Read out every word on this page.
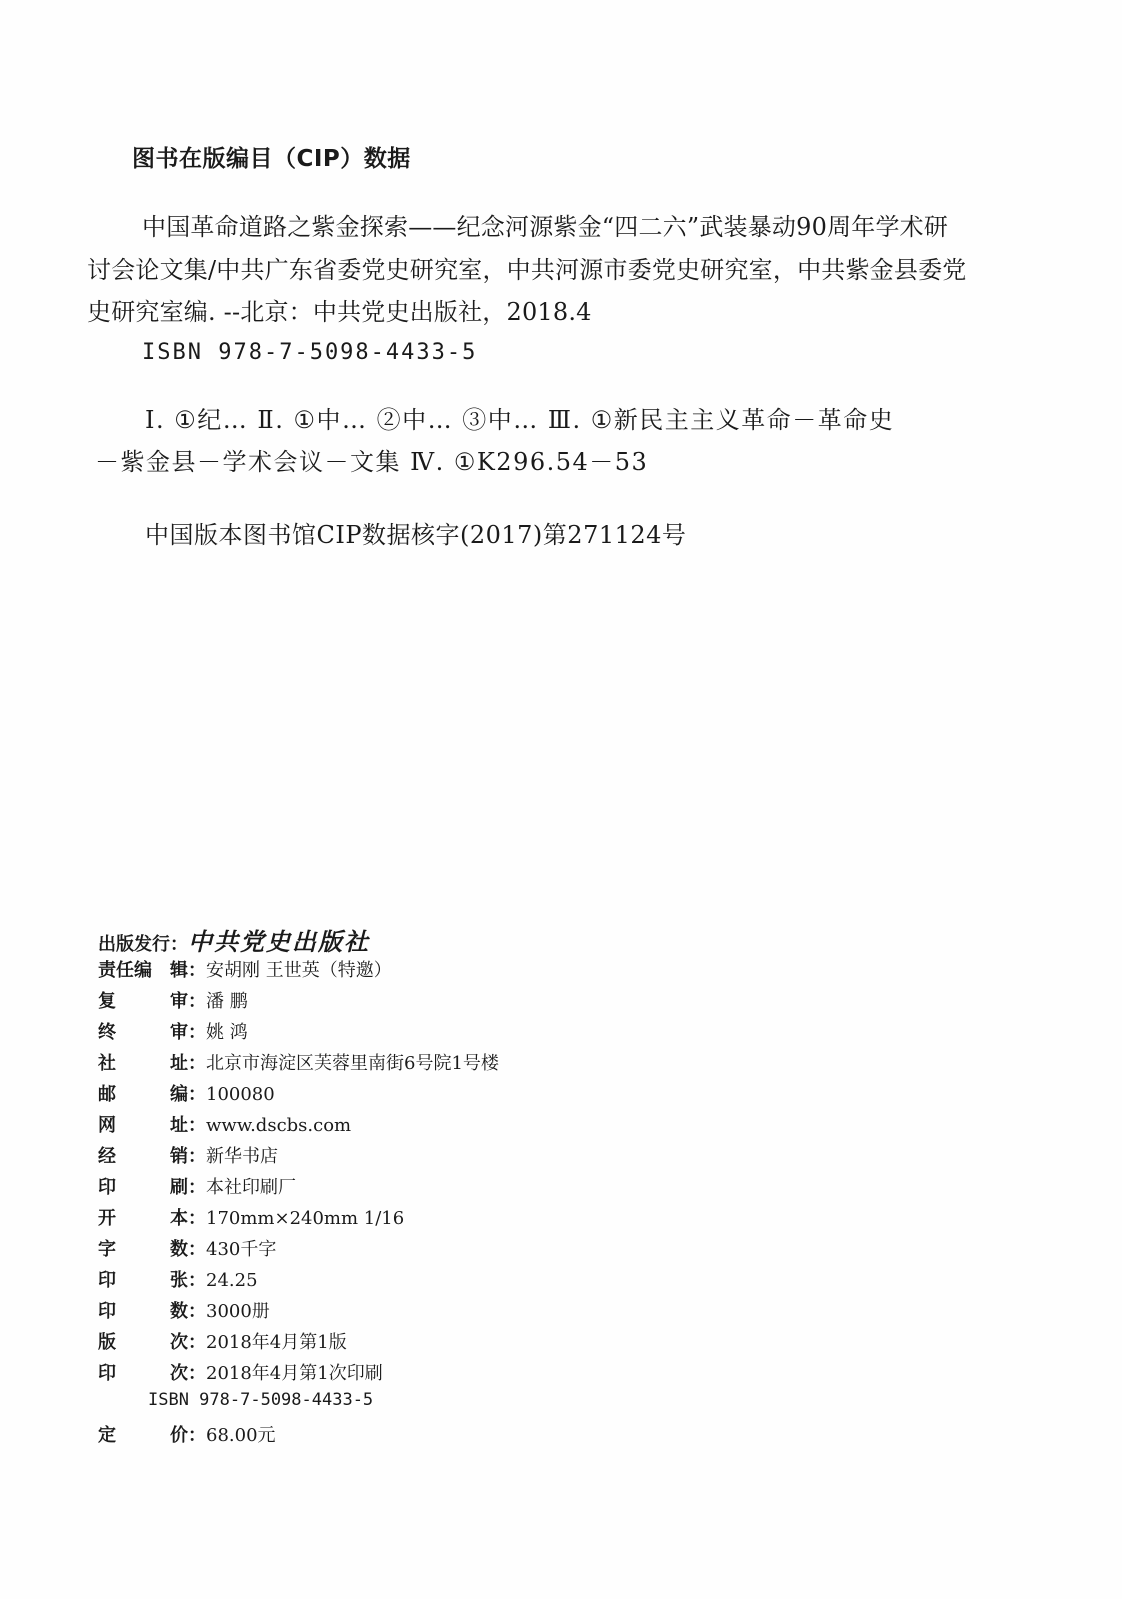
图书在版编目（CIP）数据
中国革命道路之紫金探索——纪念河源紫金“四二六”武装暴动90周年学术研
讨会论文集/中共广东省委党史研究室，中共河源市委党史研究室，中共紫金县委党
史研究室编. --北京：中共党史出版社，2018.4
ISBN 978-7-5098-4433-5
Ⅰ. ①纪… Ⅱ. ①中… ②中… ③中… Ⅲ. ①新民主主义革命－革命史
－紫金县－学术会议－文集 Ⅳ. ①K296.54－53
中国版本图书馆CIP数据核字(2017)第271124号
出版发行 ： 中共党史出版社
责任编 辑 ：	安胡刚 王世英（特邀）
复	审 ：	潘 鹏
终	审 ：	姚 鸿
社	址 ：	北京市海淀区芙蓉里南街6号院1号楼
邮	编 ：	100080
网	址 ：	www.dscbs.com
经	销 ：	新华书店
印	刷 ：	本社印刷厂
开	本 ：	170mm×240mm 1/16
字	数 ：	430千字
印	张 ：	24.25
印	数 ：	3000册
版	次 ：	2018年4月第1版
印	次 ：	2018年4月第1次印刷
ISBN 978-7-5098-4433-5
定	价 ：	68.00元
